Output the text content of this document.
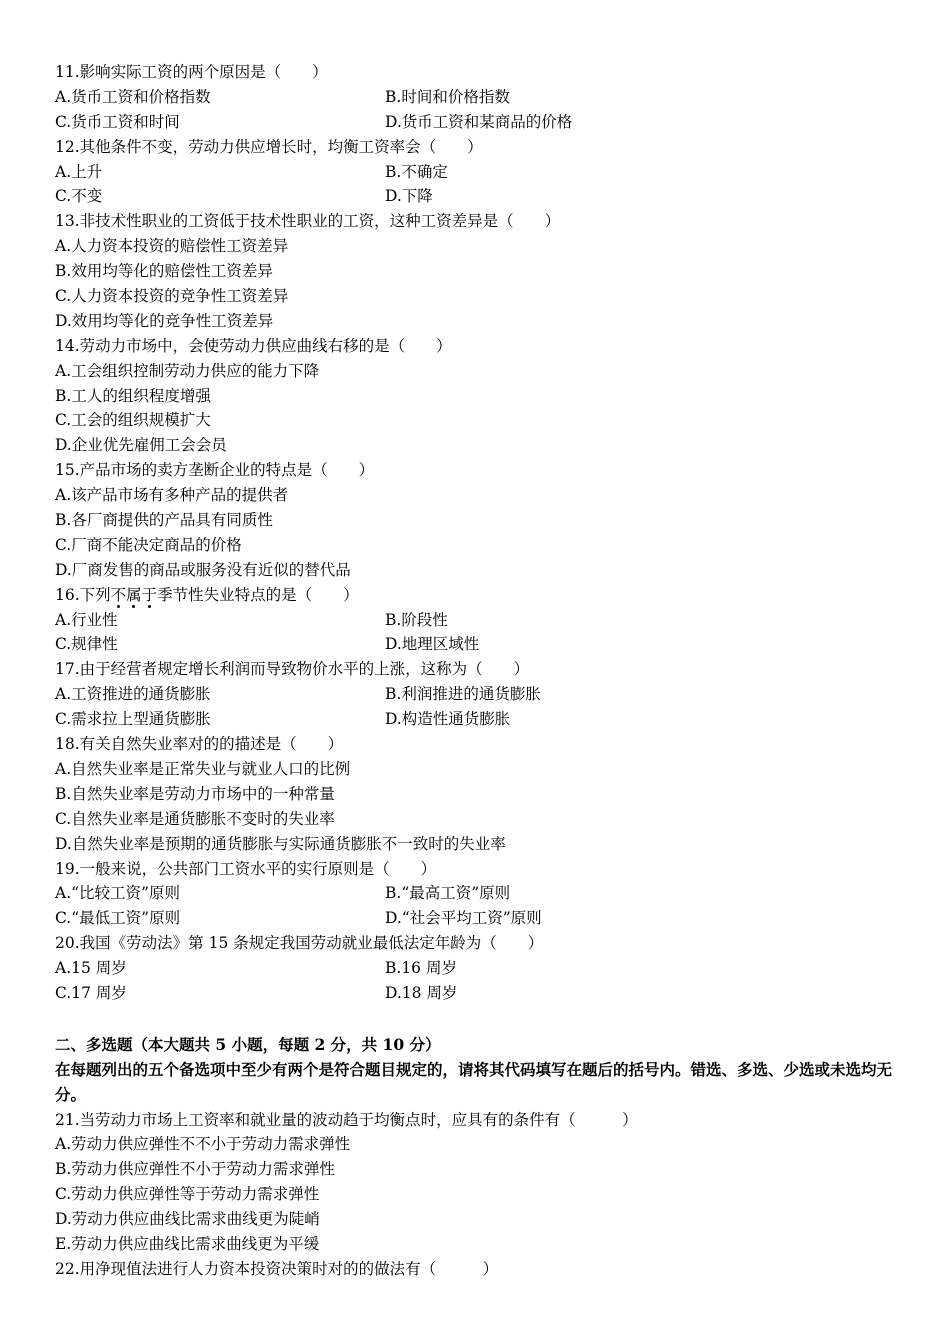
11.影响实际工资的两个原因是（　　）
A.货币工资和价格指数	B.时间和价格指数
C.货币工资和时间	D.货币工资和某商品的价格
12.其他条件不变，劳动力供应增长时，均衡工资率会（　　）
A.上升	B.不确定
C.不变	D.下降
13.非技术性职业的工资低于技术性职业的工资，这种工资差异是（　　）
A.人力资本投资的赔偿性工资差异
B.效用均等化的赔偿性工资差异
C.人力资本投资的竞争性工资差异
D.效用均等化的竞争性工资差异
14.劳动力市场中，会使劳动力供应曲线右移的是（　　）
A.工会组织控制劳动力供应的能力下降
B.工人的组织程度增强
C.工会的组织规模扩大
D.企业优先雇佣工会会员
15.产品市场的卖方垄断企业的特点是（　　）
A.该产品市场有多种产品的提供者
B.各厂商提供的产品具有同质性
C.厂商不能决定商品的价格
D.厂商发售的商品或服务没有近似的替代品
16.下列不属于
季节性失业特点的是（　　）
A.行业性	B.阶段性
C.规律性	D.地理区域性
17.由于经营者规定增长利润而导致物价水平的上涨，这称为（　　）
A.工资推进的通货膨胀	B.利润推进的通货膨胀
C.需求拉上型通货膨胀	D.构造性通货膨胀
18.有关自然失业率对的的描述是（　　）
A.自然失业率是正常失业与就业人口的比例
B.自然失业率是劳动力市场中的一种常量
C.自然失业率是通货膨胀不变时的失业率
D.自然失业率是预期的通货膨胀与实际通货膨胀不一致时的失业率
19.一般来说，公共部门工资水平的实行原则是（　　）
A.“比较工资”原则	B.“最高工资”原则
C.“最低工资”原则	D.“社会平均工资”原则
20.我国《劳动法》第 15 条规定我国劳动就业最低法定年龄为（　　）
A.15 周岁	B.16 周岁
C.17 周岁	D.18 周岁
二、多选题（本大题共 5 小题，每题 2 分，共 10 分）
在每题列出的五个备选项中至少有两个是符合题目规定的，请将其代码填写在题后的括号内。错选、多选、少选或未选均无分。
21.当劳动力市场上工资率和就业量的波动趋于均衡点时，应具有的条件有（　　　）
A.劳动力供应弹性不不小于劳动力需求弹性
B.劳动力供应弹性不小于劳动力需求弹性
C.劳动力供应弹性等于劳动力需求弹性
D.劳动力供应曲线比需求曲线更为陡峭
E.劳动力供应曲线比需求曲线更为平缓
22.用净现值法进行人力资本投资决策时对的的做法有（　　　）
